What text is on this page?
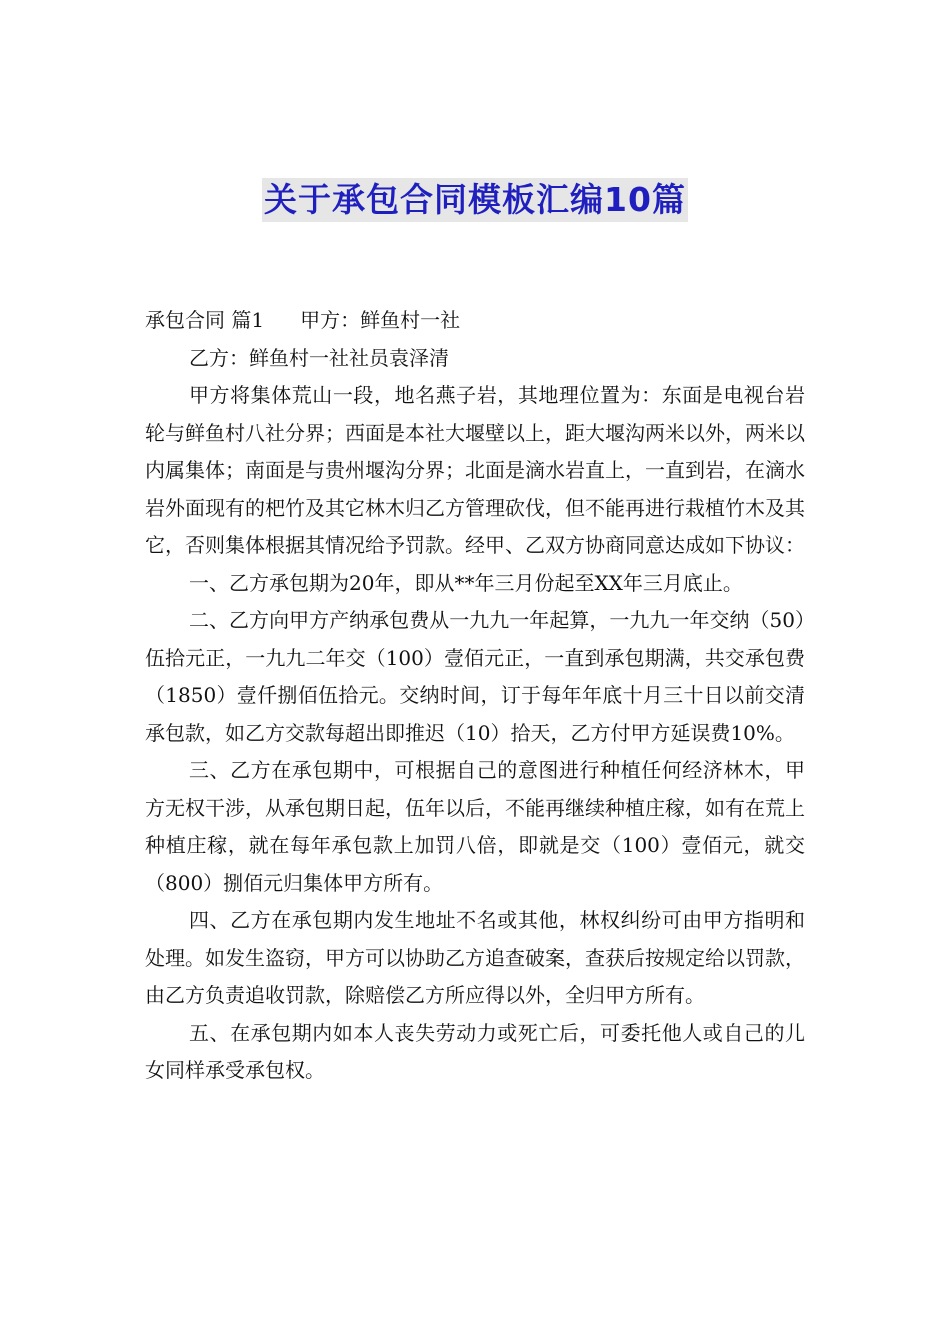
关于承包合同模板汇编10篇

承包合同 篇1 甲方：鲜鱼村一社

乙方：鲜鱼村一社社员袁泽清

甲方将集体荒山一段，地名燕子岩，其地理位置为：东面是电视台岩轮与鲜鱼村八社分界；西面是本社大堰壁以上，距大堰沟两米以外，两米以内属集体；南面是与贵州堰沟分界；北面是滴水岩直上，一直到岩，在滴水岩外面现有的杷竹及其它林木归乙方管理砍伐，但不能再进行栽植竹木及其它，否则集体根据其情况给予罚款。经甲、乙双方协商同意达成如下协议：

一、乙方承包期为20年，即从**年三月份起至XX年三月底止。

二、乙方向甲方产纳承包费从一九九一年起算，一九九一年交纳（50）伍拾元正，一九九二年交（100）壹佰元正，一直到承包期满，共交承包费（1850）壹仟捌佰伍拾元。交纳时间，订于每年年底十月三十日以前交清承包款，如乙方交款每超出即推迟（10）拾天，乙方付甲方延误费10%。

三、乙方在承包期中，可根据自己的意图进行种植任何经济林木，甲方无权干涉，从承包期日起，伍年以后，不能再继续种植庄稼，如有在荒上种植庄稼，就在每年承包款上加罚八倍，即就是交（100）壹佰元，就交（800）捌佰元归集体甲方所有。

四、乙方在承包期内发生地址不名或其他，林权纠纷可由甲方指明和处理。如发生盗窃，甲方可以协助乙方追查破案，查获后按规定给以罚款，由乙方负责追收罚款，除赔偿乙方所应得以外，全归甲方所有。

五、在承包期内如本人丧失劳动力或死亡后，可委托他人或自己的儿女同样承受承包权。
